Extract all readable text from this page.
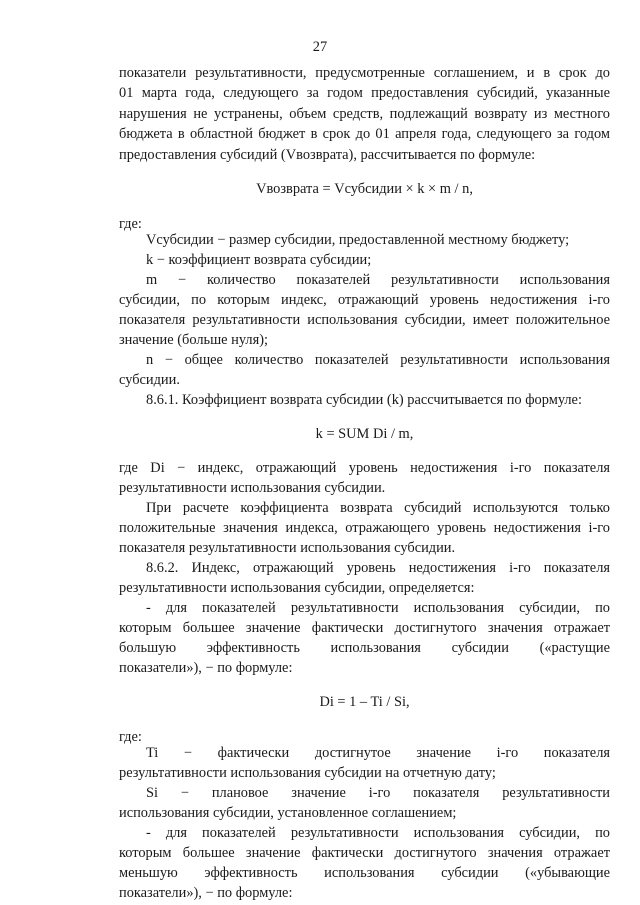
27
показатели результативности, предусмотренные соглашением, и в срок до
01 марта года, следующего за годом предоставления субсидий, указанные
нарушения не устранены, объем средств, подлежащий возврату из местного
бюджета в областной бюджет в срок до 01 апреля года, следующего за годом
предоставления субсидий (Vвозврата), рассчитывается по формуле:
Vвозврата = Vсубсидии × k × m / n,
где:
Vсубсидии − размер субсидии, предоставленной местному бюджету;
k − коэффициент возврата субсидии;
m − количество показателей результативности использования
субсидии, по которым индекс, отражающий уровень недостижения i-го
показателя результативности использования субсидии, имеет положительное
значение (больше нуля);
n − общее количество показателей результативности использования
субсидии.
8.6.1. Коэффициент возврата субсидии (k) рассчитывается по формуле:
k = SUM Di / m,
где Di − индекс, отражающий уровень недостижения i-го показателя
результативности использования субсидии.
При расчете коэффициента возврата субсидий используются только
положительные значения индекса, отражающего уровень недостижения i-го
показателя результативности использования субсидии.
8.6.2. Индекс, отражающий уровень недостижения i-го показателя
результативности использования субсидии, определяется:
- для показателей результативности использования субсидии, по
которым большее значение фактически достигнутого значения отражает
большую эффективность использования субсидии («растущие
показатели»), − по формуле:
Di = 1 – Ti / Si,
где:
Ti − фактически достигнутое значение i-го показателя
результативности использования субсидии на отчетную дату;
Si − плановое значение i-го показателя результативности
использования субсидии, установленное соглашением;
- для показателей результативности использования субсидии, по
которым большее значение фактически достигнутого значения отражает
меньшую эффективность использования субсидии («убывающие
показатели»), − по формуле:
